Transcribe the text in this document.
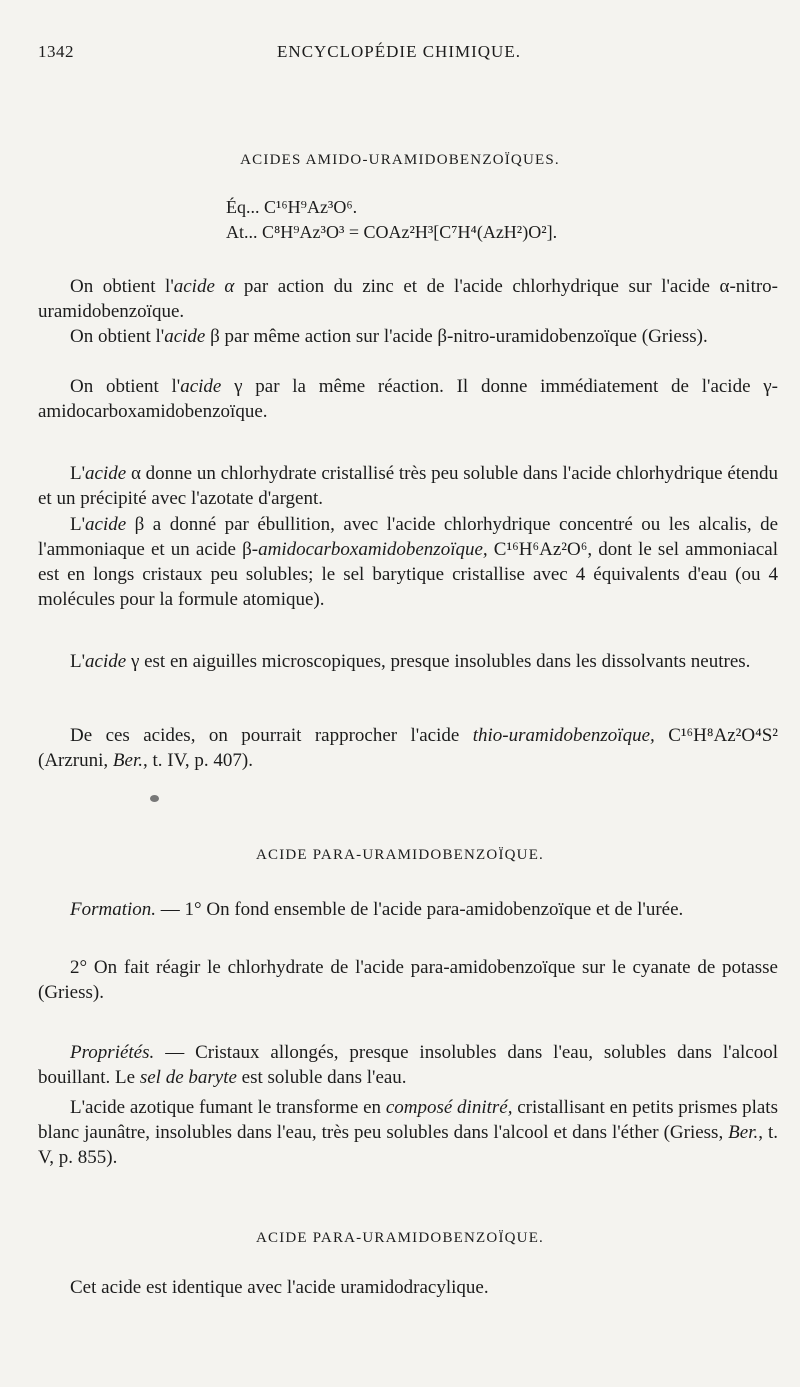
1342	ENCYCLOPÉDIE CHIMIQUE.
ACIDES AMIDO-URAMIDOBENZOÏQUES.
Éq... C¹⁶H⁹Az³O⁶.
At... C⁸H⁹Az³O³ = COAz²H³[C⁷H⁴(AzH²)O²].
On obtient l'acide α par action du zinc et de l'acide chlorhydrique sur l'acide α-nitro-uramidobenzoïque.
On obtient l'acide β par même action sur l'acide β-nitro-uramidobenzoïque (Griess).
On obtient l'acide γ par la même réaction. Il donne immédiatement de l'acide γ-amidocarboxamidobenzoïque.
L'acide α donne un chlorhydrate cristallisé très peu soluble dans l'acide chlorhydrique étendu et un précipité avec l'azotate d'argent.
L'acide β a donné par ébullition, avec l'acide chlorhydrique concentré ou les alcalis, de l'ammoniaque et un acide β-amidocarboxamidobenzoïque, C¹⁶H⁶Az²O⁶, dont le sel ammoniacal est en longs cristaux peu solubles; le sel barytique cristallise avec 4 équivalents d'eau (ou 4 molécules pour la formule atomique).
L'acide γ est en aiguilles microscopiques, presque insolubles dans les dissolvants neutres.
De ces acides, on pourrait rapprocher l'acide thio-uramidobenzoïque, C¹⁶H⁸Az²O⁴S² (Arzruni, Ber., t. IV, p. 407).
ACIDE PARA-URAMIDOBENZOÏQUE.
Formation. — 1° On fond ensemble de l'acide para-amidobenzoïque et de l'urée.
2° On fait réagir le chlorhydrate de l'acide para-amidobenzoïque sur le cyanate de potasse (Griess).
Propriétés. — Cristaux allongés, presque insolubles dans l'eau, solubles dans l'alcool bouillant. Le sel de baryte est soluble dans l'eau.
L'acide azotique fumant le transforme en composé dinitré, cristallisant en petits prismes plats blanc jaunâtre, insolubles dans l'eau, très peu solubles dans l'alcool et dans l'éther (Griess, Ber., t. V, p. 855).
ACIDE PARA-URAMIDOBENZOÏQUE.
Cet acide est identique avec l'acide uramidodracylique.
